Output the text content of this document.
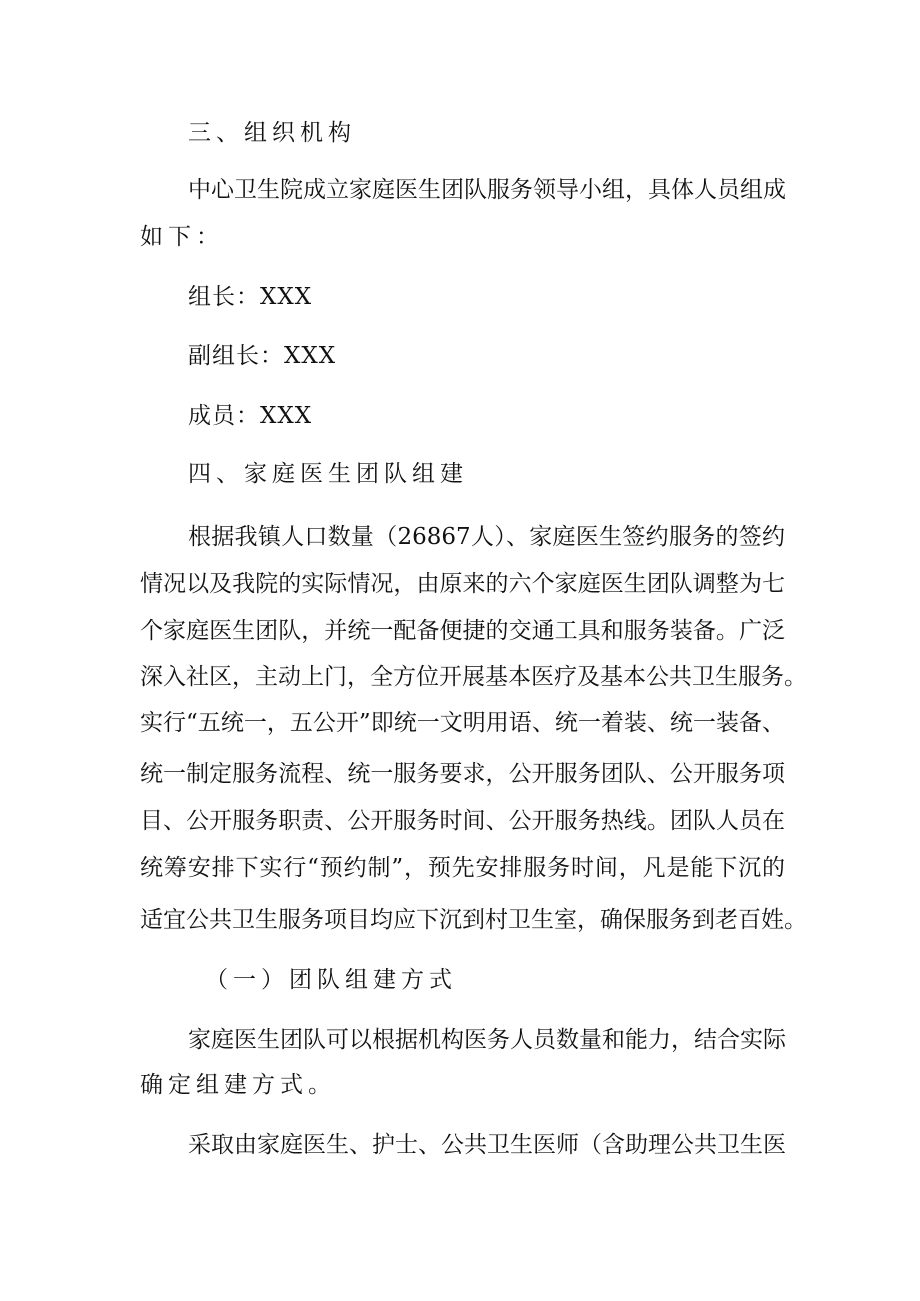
三、组织机构
中心卫生院成立家庭医生团队服务领导小组，具体人员组成
如下：
组长：XXX
副组长：XXX
成员：XXX
四、家庭医生团队组建
根据我镇人口数量（26867人）、家庭医生签约服务的签约
情况以及我院的实际情况，由原来的六个家庭医生团队调整为七
个家庭医生团队，并统一配备便捷的交通工具和服务装备。广泛
深入社区，主动上门，全方位开展基本医疗及基本公共卫生服务。
实行“五统一，五公开”即统一文明用语、统一着装、统一装备、
统一制定服务流程、统一服务要求，公开服务团队、公开服务项
目、公开服务职责、公开服务时间、公开服务热线。团队人员在
统筹安排下实行“预约制”，预先安排服务时间，凡是能下沉的
适宜公共卫生服务项目均应下沉到村卫生室，确保服务到老百姓。
（一）团队组建方式
家庭医生团队可以根据机构医务人员数量和能力，结合实际
确定组建方式。
采取由家庭医生、护士、公共卫生医师（含助理公共卫生医
